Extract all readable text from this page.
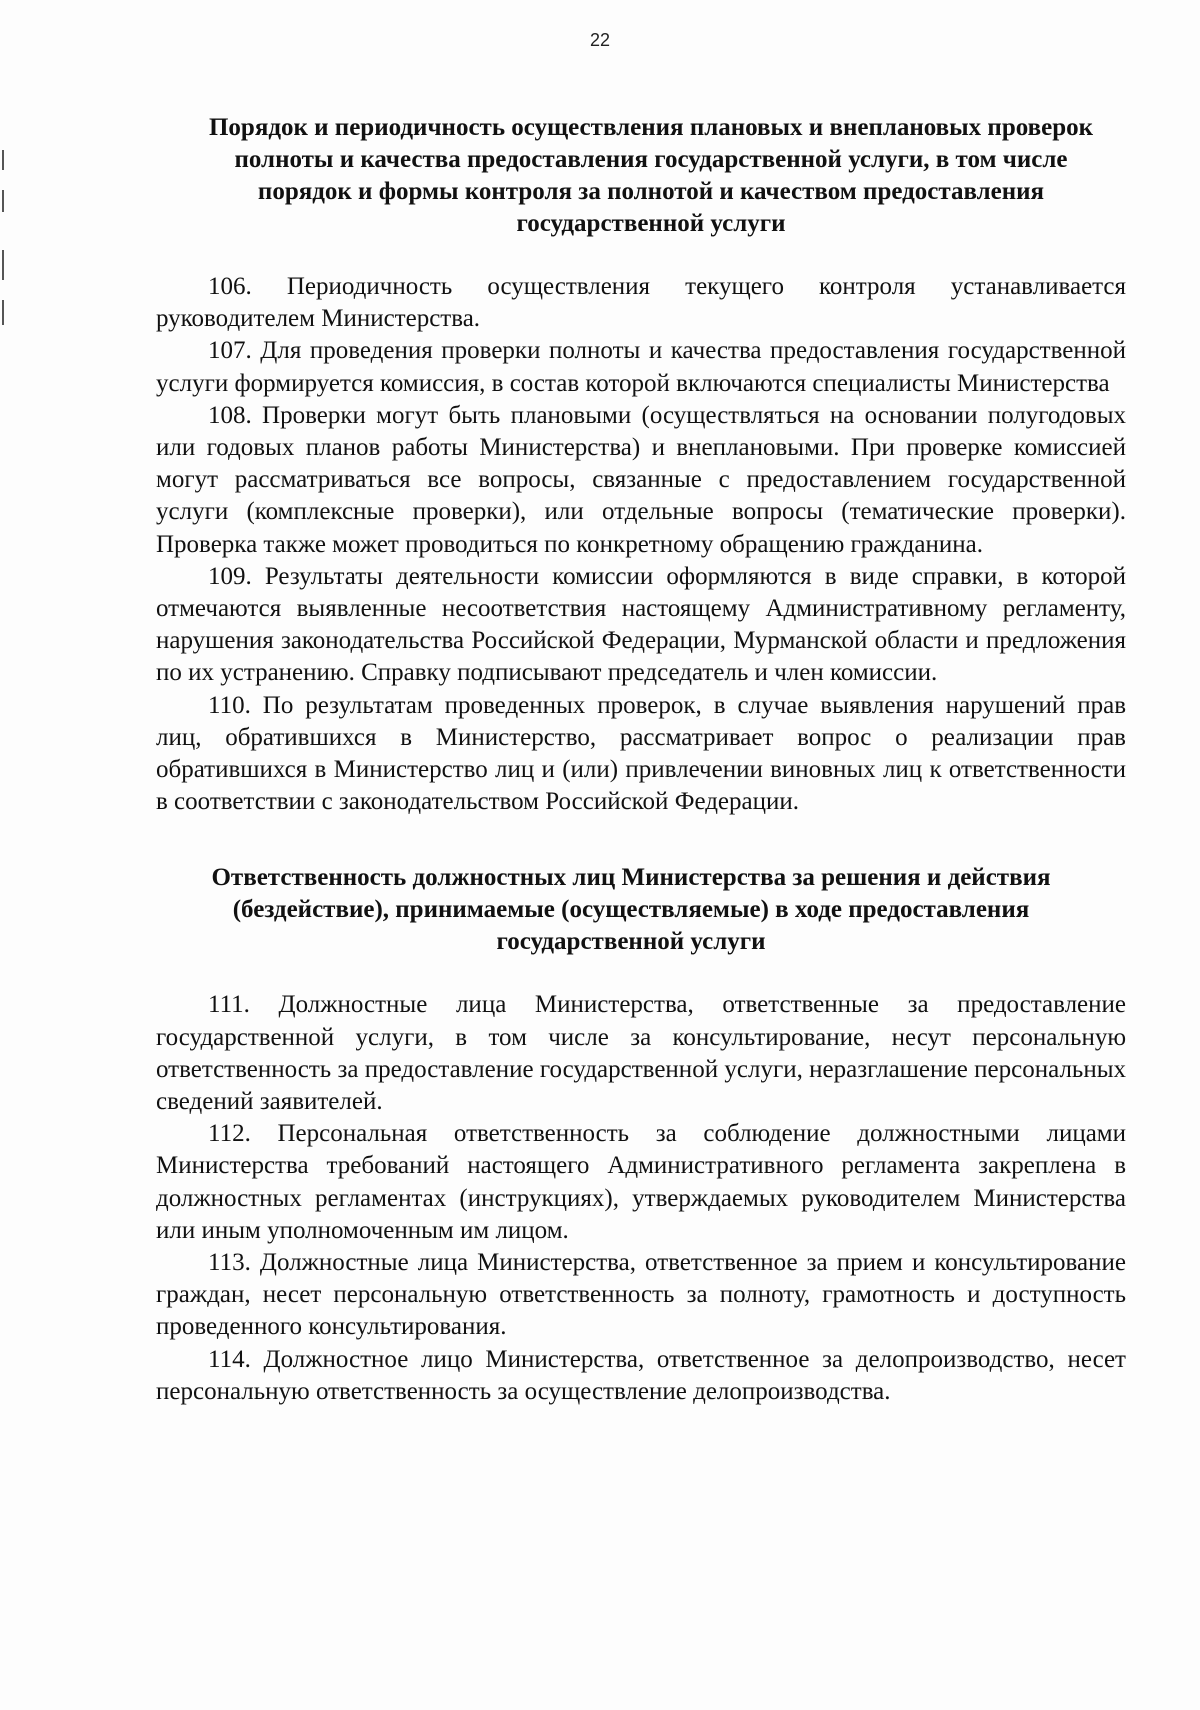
22
Порядок и периодичность осуществления плановых и внеплановых проверок полноты и качества предоставления государственной услуги, в том числе порядок и формы контроля за полнотой и качеством предоставления государственной услуги

106. Периодичность осуществления текущего контроля устанавливается руководителем Министерства.

107. Для проведения проверки полноты и качества предоставления государственной услуги формируется комиссия, в состав которой включаются специалисты Министерства

108. Проверки могут быть плановыми (осуществляться на основании полугодовых или годовых планов работы Министерства) и внеплановыми. При проверке комиссией могут рассматриваться все вопросы, связанные с предоставлением государственной услуги (комплексные проверки), или отдельные вопросы (тематические проверки). Проверка также может проводиться по конкретному обращению гражданина.

109. Результаты деятельности комиссии оформляются в виде справки, в которой отмечаются выявленные несоответствия настоящему Административному регламенту, нарушения законодательства Российской Федерации, Мурманской области и предложения по их устранению. Справку подписывают председатель и член комиссии.

110. По результатам проведенных проверок, в случае выявления нарушений прав лиц, обратившихся в Министерство, рассматривает вопрос о реализации прав обратившихся в Министерство лиц и (или) привлечении виновных лиц к ответственности в соответствии с законодательством Российской Федерации.

Ответственность должностных лиц Министерства за решения и действия (бездействие), принимаемые (осуществляемые) в ходе предоставления государственной услуги

111. Должностные лица Министерства, ответственные за предоставление государственной услуги, в том числе за консультирование, несут персональную ответственность за предоставление государственной услуги, неразглашение персональных сведений заявителей.

112. Персональная ответственность за соблюдение должностными лицами Министерства требований настоящего Административного регламента закреплена в должностных регламентах (инструкциях), утверждаемых руководителем Министерства или иным уполномоченным им лицом.

113. Должностные лица Министерства, ответственное за прием и консультирование граждан, несет персональную ответственность за полноту, грамотность и доступность проведенного консультирования.

114. Должностное лицо Министерства, ответственное за делопроизводство, несет персональную ответственность за осуществление делопроизводства.
